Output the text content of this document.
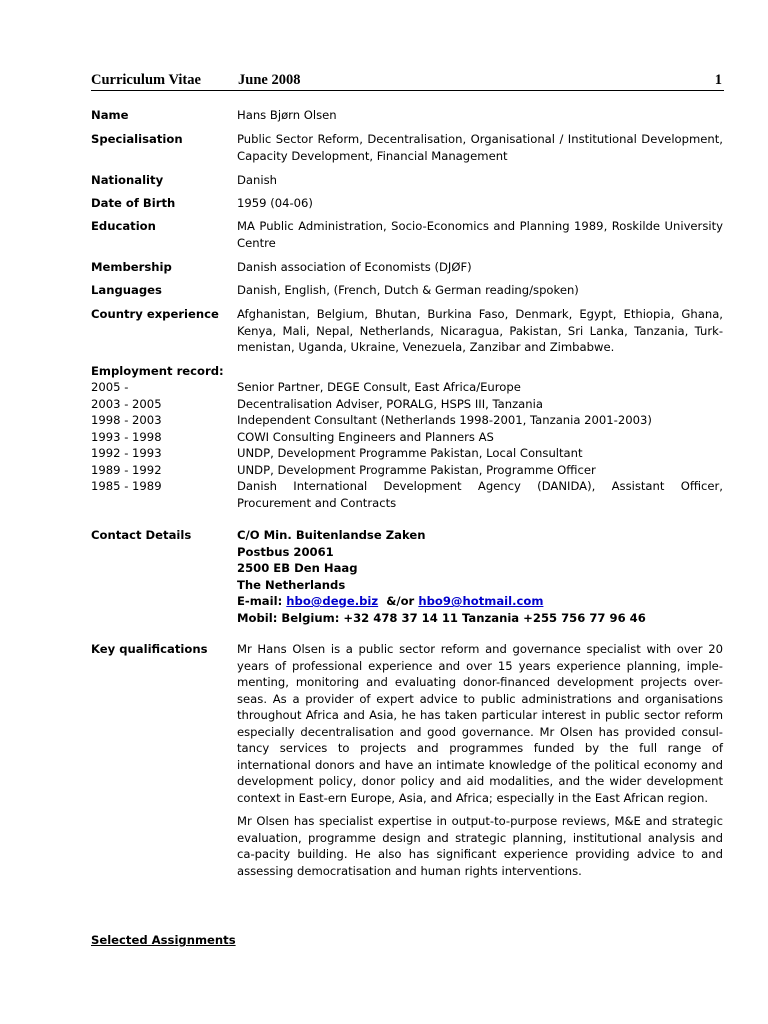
Curriculum Vitae	June 2008	1
Name	Hans Bjørn Olsen
Specialisation	Public Sector Reform, Decentralisation, Organisational / Institutional Development, Capacity Development, Financial Management
Nationality	Danish
Date of Birth	1959 (04-06)
Education	MA Public Administration, Socio-Economics and Planning 1989, Roskilde University Centre
Membership	Danish association of Economists (DJØF)
Languages	Danish, English, (French, Dutch & German reading/spoken)
Country experience	Afghanistan, Belgium, Bhutan, Burkina Faso, Denmark, Egypt, Ethiopia, Ghana, Kenya, Mali, Nepal, Netherlands, Nicaragua, Pakistan, Sri Lanka, Tanzania, Turk-menistan, Uganda, Ukraine, Venezuela, Zanzibar and Zimbabwe.
Employment record:
2005 -	Senior Partner, DEGE Consult, East Africa/Europe
2003 - 2005	Decentralisation Adviser, PORALG, HSPS III, Tanzania
1998 - 2003	Independent Consultant (Netherlands 1998-2001, Tanzania 2001-2003)
1993 - 1998	COWI Consulting Engineers and Planners AS
1992 - 1993	UNDP, Development Programme Pakistan, Local Consultant
1989 - 1992	UNDP, Development Programme Pakistan, Programme Officer
1985 - 1989	Danish International Development Agency (DANIDA), Assistant Officer, Procurement and Contracts
Contact Details	C/O Min. Buitenlandse Zaken
Postbus 20061
2500 EB Den Haag
The Netherlands
E-mail: hbo@dege.biz &/or hbo9@hotmail.com
Mobil: Belgium: +32 478 37 14 11 Tanzania +255 756 77 96 46
Key qualifications	Mr Hans Olsen is a public sector reform and governance specialist with over 20 years of professional experience and over 15 years experience planning, imple-menting, monitoring and evaluating donor-financed development projects over-seas. As a provider of expert advice to public administrations and organisations throughout Africa and Asia, he has taken particular interest in public sector reform especially decentralisation and good governance. Mr Olsen has provided consul-tancy services to projects and programmes funded by the full range of international donors and have an intimate knowledge of the political economy and development policy, donor policy and aid modalities, and the wider development context in East-ern Europe, Asia, and Africa; especially in the East African region.

Mr Olsen has specialist expertise in output-to-purpose reviews, M&E and strategic evaluation, programme design and strategic planning, institutional analysis and ca-pacity building. He also has significant experience providing advice to and assessing democratisation and human rights interventions.

Selected Assignments
